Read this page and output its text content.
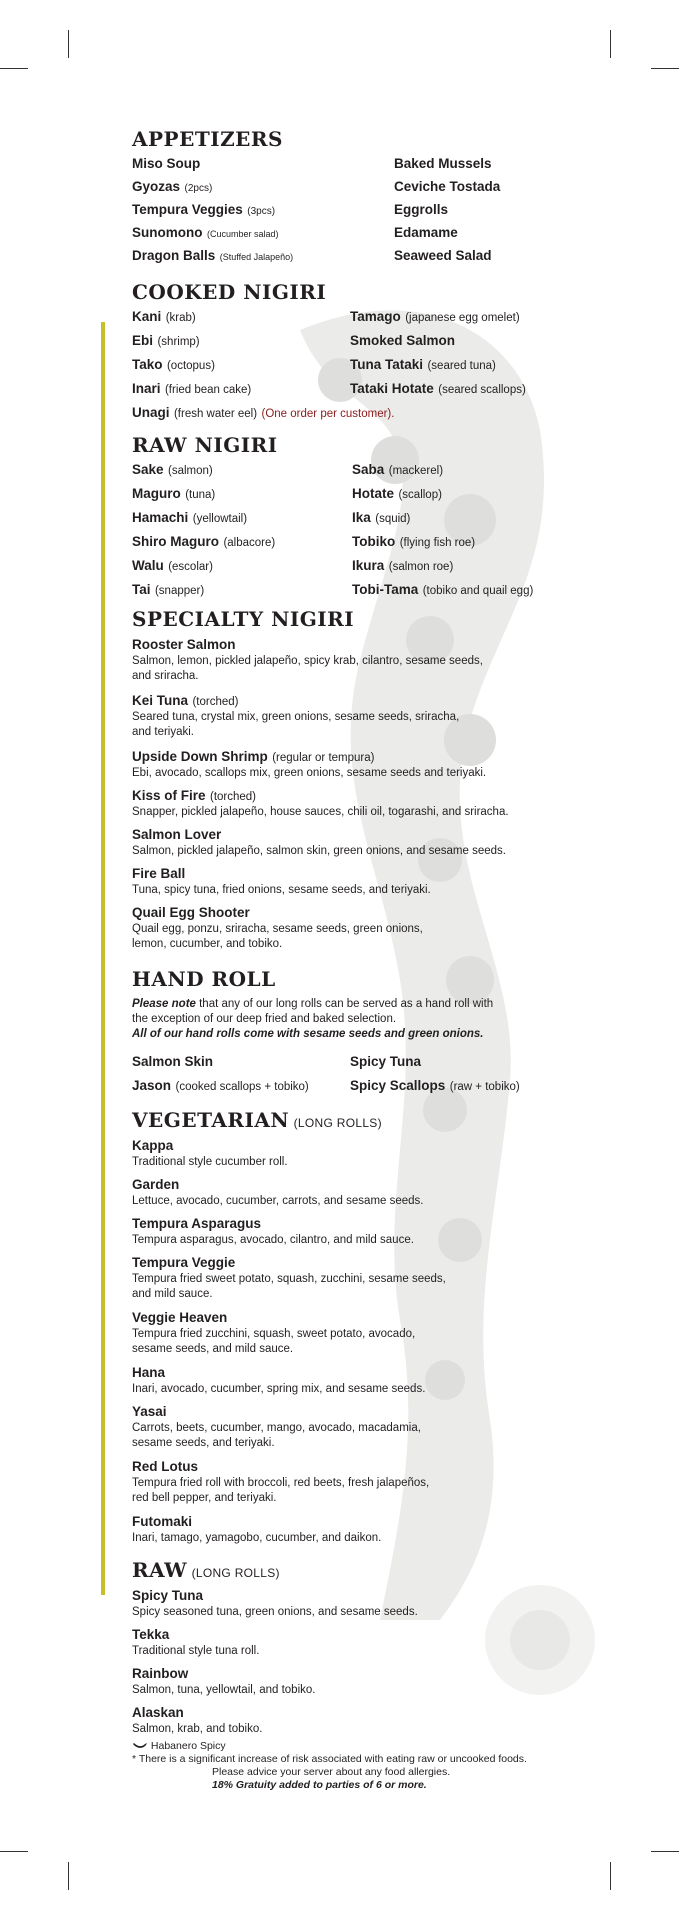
APPETIZERS
Miso Soup	Baked Mussels
Gyozas (2pcs)	Ceviche Tostada
Tempura Veggies (3pcs)	Eggrolls
Sunomono (Cucumber salad)	Edamame
Dragon Balls (Stuffed Jalapeño)	Seaweed Salad
COOKED NIGIRI
Kani (krab)	Tamago (japanese egg omelet)
Ebi (shrimp)	Smoked Salmon
Tako (octopus)	Tuna Tataki (seared tuna)
Inari (fried bean cake)	Tataki Hotate (seared scallops)
Unagi (fresh water eel) (One order per customer).
RAW NIGIRI
Sake (salmon)	Saba (mackerel)
Maguro (tuna)	Hotate (scallop)
Hamachi (yellowtail)	Ika (squid)
Shiro Maguro (albacore)	Tobiko (flying fish roe)
Walu (escolar)	Ikura (salmon roe)
Tai (snapper)	Tobi-Tama (tobiko and quail egg)
SPECIALTY NIGIRI
Rooster Salmon
Salmon, lemon, pickled jalapeño, spicy krab, cilantro, sesame seeds,
and sriracha.
Kei Tuna (torched)
Seared tuna, crystal mix, green onions, sesame seeds, sriracha,
and teriyaki.
Upside Down Shrimp (regular or tempura)
Ebi, avocado, scallops mix, green onions, sesame seeds and teriyaki.
Kiss of Fire (torched)
Snapper, pickled jalapeño, house sauces, chili oil, togarashi, and sriracha.
Salmon Lover
Salmon, pickled jalapeño, salmon skin, green onions, and sesame seeds.
Fire Ball
Tuna, spicy tuna, fried onions, sesame seeds, and teriyaki.
Quail Egg Shooter
Quail egg, ponzu, sriracha, sesame seeds, green onions,
lemon, cucumber, and tobiko.
HAND ROLL
Please note that any of our long rolls can be served as a hand roll with
the exception of our deep fried and baked selection.
All of our hand rolls come with sesame seeds and green onions.
Salmon Skin	Spicy Tuna
Jason (cooked scallops + tobiko)	Spicy Scallops (raw + tobiko)
VEGETARIAN (LONG ROLLS)
Kappa
Traditional style cucumber roll.
Garden
Lettuce, avocado, cucumber, carrots, and sesame seeds.
Tempura Asparagus
Tempura asparagus, avocado, cilantro, and mild sauce.
Tempura Veggie
Tempura fried sweet potato, squash, zucchini, sesame seeds,
and mild sauce.
Veggie Heaven
Tempura fried zucchini, squash, sweet potato, avocado,
sesame seeds, and mild sauce.
Hana
Inari, avocado, cucumber, spring mix, and sesame seeds.
Yasai
Carrots, beets, cucumber, mango, avocado, macadamia,
sesame seeds, and teriyaki.
Red Lotus
Tempura fried roll with broccoli, red beets, fresh jalapeños,
red bell pepper, and teriyaki.
Futomaki
Inari, tamago, yamagobo, cucumber, and daikon.
RAW (LONG ROLLS)
Spicy Tuna
Spicy seasoned tuna, green onions, and sesame seeds.
Tekka
Traditional style tuna roll.
Rainbow
Salmon, tuna, yellowtail, and tobiko.
Alaskan
Salmon, krab, and tobiko.
Habanero Spicy
* There is a significant increase of risk associated with eating raw or uncooked foods.
Please advice your server about any food allergies.
18% Gratuity added to parties of 6 or more.
